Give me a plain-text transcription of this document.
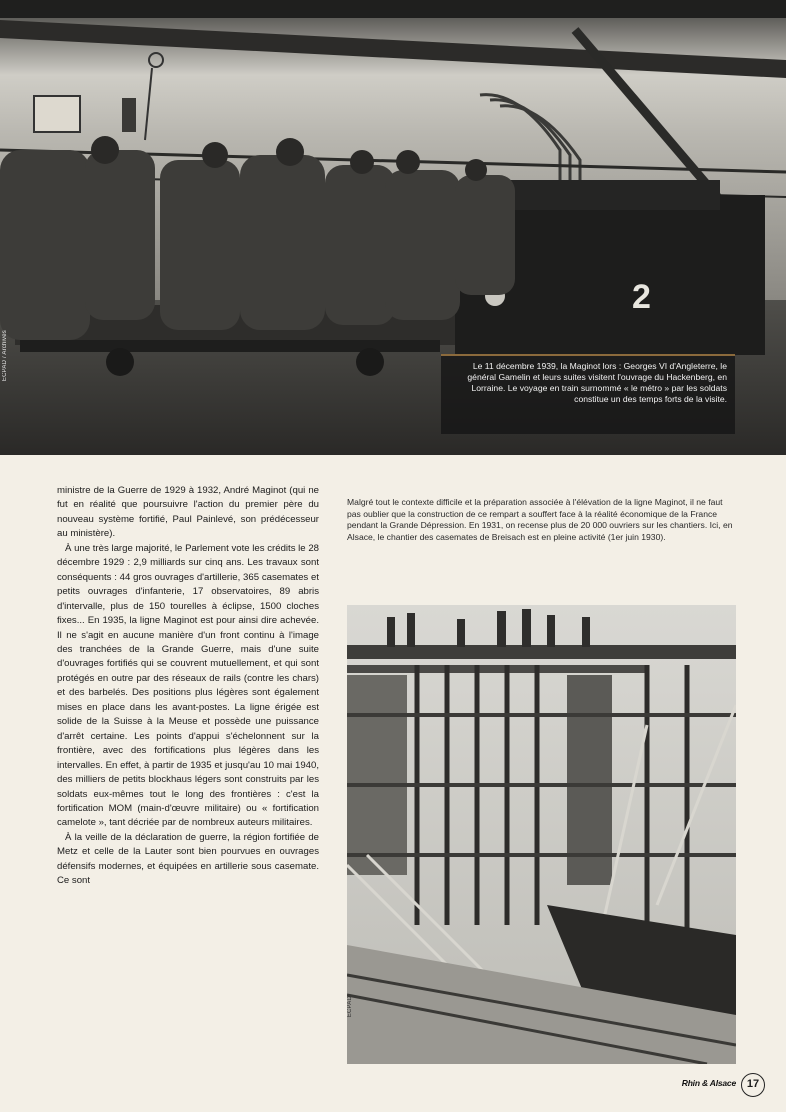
2
ECPAD / Archives	Le 11 décembre 1939, la Maginot lors : Georges VI d'Angleterre, le général Gamelin et leurs suites visitent l'ouvrage du Hackenberg, en Lorraine. Le voyage en train surnommé « le métro » par les soldats constitue un des temps forts de la visite.

ministre de la Guerre de 1929 à 1932, André Maginot (qui ne fut en réalité que poursuivre l'action du premier père du nouveau système fortifié, Paul Painlevé, son prédécesseur au ministère).

À une très large majorité, le Parlement vote les crédits le 28 décembre 1929 : 2,9 milliards sur cinq ans. Les travaux sont conséquents : 44 gros ouvrages d'artillerie, 365 casemates et petits ouvrages d'infanterie, 17 observatoires, 89 abris d'intervalle, plus de 150 tourelles à éclipse, 1500 cloches fixes... En 1935, la ligne Maginot est pour ainsi dire achevée. Il ne s'agit en aucune manière d'un front continu à l'image des tranchées de la Grande Guerre, mais d'une suite d'ouvrages fortifiés qui se couvrent mutuellement, et qui sont protégés en outre par des réseaux de rails (contre les chars) et des barbelés. Des positions plus légères sont également mises en place dans les avant-postes. La ligne érigée est solide de la Suisse à la Meuse et possède une puissance d'arrêt certaine. Les points d'appui s'échelonnent sur la frontière, avec des fortifications plus légères dans les intervalles. En effet, à partir de 1935 et jusqu'au 10 mai 1940, des milliers de petits blockhaus légers sont construits par les soldats eux-mêmes tout le long des frontières : c'est la fortification MOM (main-d'œuvre militaire) ou « fortification camelote », tant décriée par de nombreux auteurs militaires.

À la veille de la déclaration de guerre, la région fortifiée de Metz et celle de la Lauter sont bien pourvues en ouvrages défensifs modernes, et équipées en artillerie sous casemate. Ce sont

Malgré tout le contexte difficile et la préparation associée à l'élévation de la ligne Maginot, il ne faut pas oublier que la construction de ce rempart a souffert face à la réalité économique de la France pendant la Grande Dépression. En 1931, on recense plus de 20 000 ouvriers sur les chantiers. Ici, en Alsace, le chantier des casemates de Breisach est en pleine activité (1er juin 1930).
ECPAD
Rhin & Alsace 17
